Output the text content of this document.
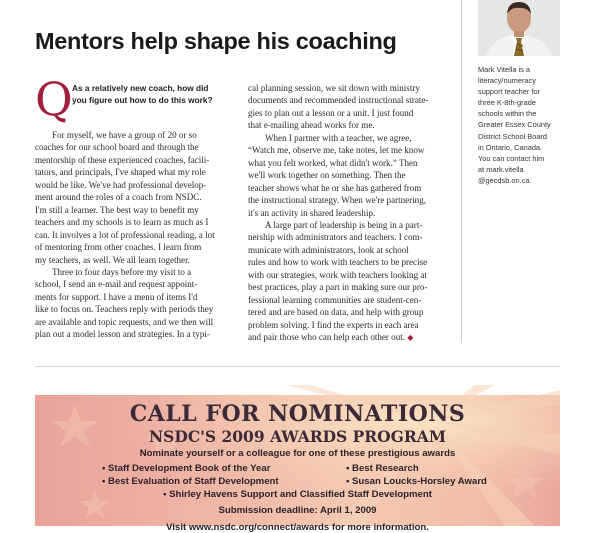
Mentors help shape his coaching
Q As a relatively new coach, how did
you figure out how to do this work?
For myself, we have a group of 20 or so
coaches for our school board and through the
mentorship of these experienced coaches, facili-
tators, and principals, I've shaped what my role
would be like. We've had professional develop-
ment around the roles of a coach from NSDC.
I'm still a learner. The best way to benefit my
teachers and my schools is to learn as much as I
can. It involves a lot of professional reading, a lot
of mentoring from other coaches. I learn from
my teachers, as well. We all learn together.
Three to four days before my visit to a
school, I send an e-mail and request appoint-
ments for support. I have a menu of items I'd
like to focus on. Teachers reply with periods they
are available and topic requests, and we then will
plan out a model lesson and strategies. In a typi-
cal planning session, we sit down with ministry
documents and recommended instructional strate-
gies to plan out a lesson or a unit. I just found
that e-mailing ahead works for me.
When I partner with a teacher, we agree,
“Watch me, observe me, take notes, let me know
what you felt worked, what didn't work.” Then
we'll work together on something. Then the
teacher shows what he or she has gathered from
the instructional strategy. When we're partnering,
it's an activity in shared leadership.
A large part of leadership is being in a part-
nership with administrators and teachers. I com-
municate with administrators, look at school
rules and how to work with teachers to be precise
with our strategies, work with teachers looking at
best practices, play a part in making sure our pro-
fessional learning communities are student-cen-
tered and are based on data, and help with group
problem solving. I find the experts in each area
and pair those who can help each other out. ◆
Mark Vitella is a
literacy/numeracy
support teacher for
three K-8th-grade
schools within the
Greater Essex County
District School Board
in Ontario, Canada.
You can contact him
at mark.vitella
@gecdsb.on.ca.
CALL FOR NOMINATIONS
NSDC'S 2009 AWARDS PROGRAM
Nominate yourself or a colleague for one of these prestigious awards
• Staff Development Book of the Year	• Best Research
• Best Evaluation of Staff Development	• Susan Loucks-Horsley Award
• Shirley Havens Support and Classified Staff Development
Submission deadline: April 1, 2009
Visit www.nsdc.org/connect/awards for more information.
